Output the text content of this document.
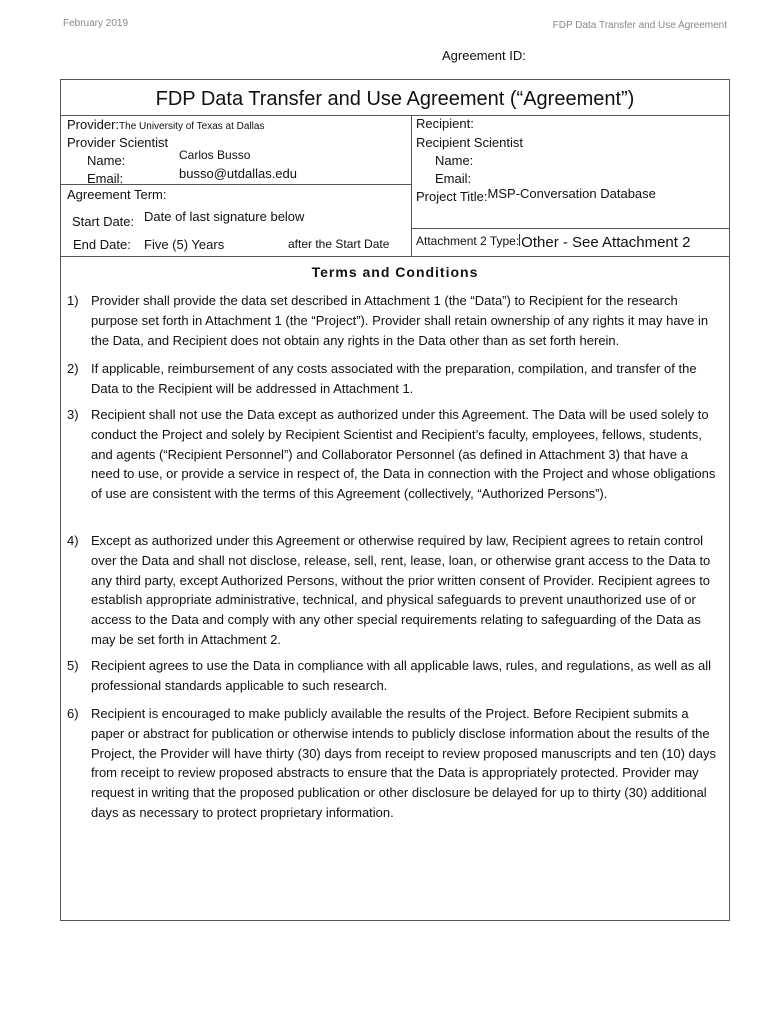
February 2019	FDP Data Transfer and Use Agreement
Agreement ID:
FDP Data Transfer and Use Agreement (“Agreement”)
Provider:The University of Texas at Dallas
Provider Scientist
Name:	Carlos Busso
Email:	busso@utdallas.edu
Agreement Term:
Start Date: Date of last signature below
End Date: Five (5) Years	after the Start Date
Recipient:
Recipient Scientist
Name:
Email:
Project Title:MSP-Conversation Database
Attachment 2 Type: Other - See Attachment 2
Terms and Conditions
1) Provider shall provide the data set described in Attachment 1 (the “Data”) to Recipient for the research purpose set forth in Attachment 1 (the “Project”). Provider shall retain ownership of any rights it may have in the Data, and Recipient does not obtain any rights in the Data other than as set forth herein.
2) If applicable, reimbursement of any costs associated with the preparation, compilation, and transfer of the Data to the Recipient will be addressed in Attachment 1.
3) Recipient shall not use the Data except as authorized under this Agreement. The Data will be used solely to conduct the Project and solely by Recipient Scientist and Recipient’s faculty, employees, fellows, students, and agents (“Recipient Personnel”) and Collaborator Personnel (as defined in Attachment 3) that have a need to use, or provide a service in respect of, the Data in connection with the Project and whose obligations of use are consistent with the terms of this Agreement (collectively, “Authorized Persons”).
4) Except as authorized under this Agreement or otherwise required by law, Recipient agrees to retain control over the Data and shall not disclose, release, sell, rent, lease, loan, or otherwise grant access to the Data to any third party, except Authorized Persons, without the prior written consent of Provider. Recipient agrees to establish appropriate administrative, technical, and physical safeguards to prevent unauthorized use of or access to the Data and comply with any other special requirements relating to safeguarding of the Data as may be set forth in Attachment 2.
5) Recipient agrees to use the Data in compliance with all applicable laws, rules, and regulations, as well as all professional standards applicable to such research.
6) Recipient is encouraged to make publicly available the results of the Project. Before Recipient submits a paper or abstract for publication or otherwise intends to publicly disclose information about the results of the Project, the Provider will have thirty (30) days from receipt to review proposed manuscripts and ten (10) days from receipt to review proposed abstracts to ensure that the Data is appropriately protected. Provider may request in writing that the proposed publication or other disclosure be delayed for up to thirty (30) additional days as necessary to protect proprietary information.
